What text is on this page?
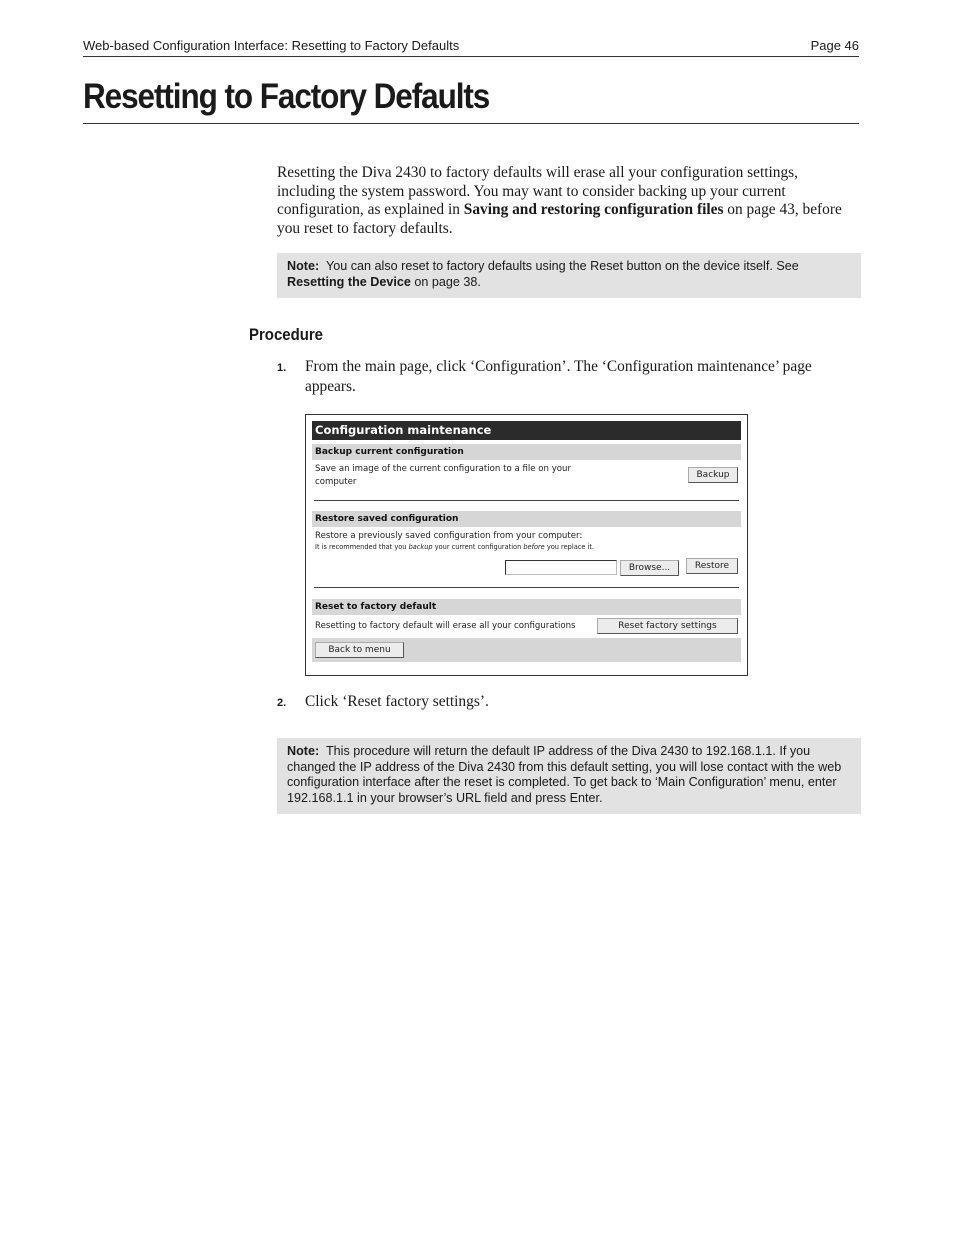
Web-based Configuration Interface: Resetting to Factory Defaults	Page 46
Resetting to Factory Defaults

Resetting the Diva 2430 to factory defaults will erase all your configuration settings, including the system password. You may want to consider backing up your current configuration, as explained in Saving and restoring configuration files on page 43, before you reset to factory defaults.

Note: You can also reset to factory defaults using the Reset button on the device itself. See Resetting the Device on page 38.
Procedure
1. From the main page, click ‘Configuration’. The ‘Configuration maintenance’ page appears.
Configuration maintenance
Backup current configuration
Save an image of the current configuration to a file on your
computer
Backup
Restore saved configuration
Restore a previously saved configuration from your computer:
It is recommended that you backup your current configuration before you replace it.
Browse...	Restore
Reset to factory default
Resetting to factory default will erase all your configurations	Reset factory settings
Back to menu
2. Click ‘Reset factory settings’.
Note: This procedure will return the default IP address of the Diva 2430 to 192.168.1.1. If you changed the IP address of the Diva 2430 from this default setting, you will lose contact with the web configuration interface after the reset is completed. To get back to ‘Main Configuration’ menu, enter 192.168.1.1 in your browser’s URL field and press Enter.
